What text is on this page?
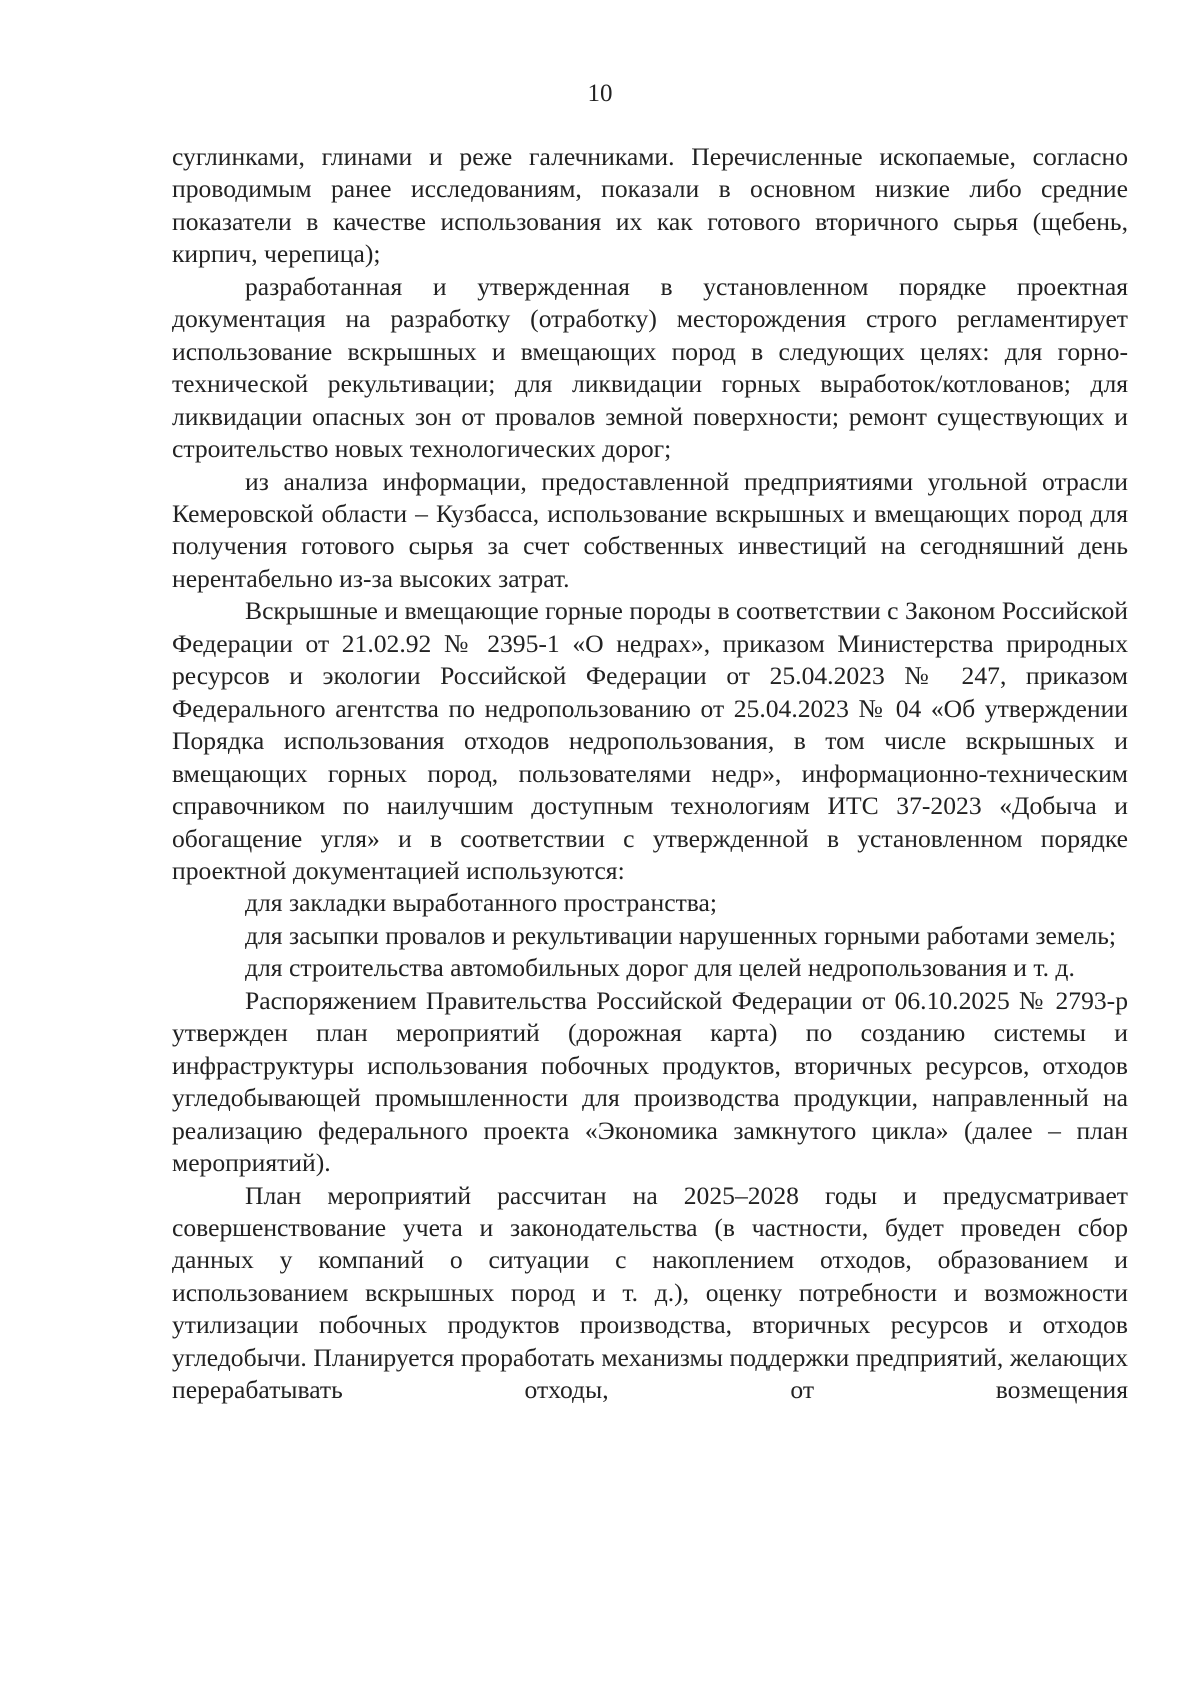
10

суглинками, глинами и реже галечниками. Перечисленные ископаемые, согласно проводимым ранее исследованиям, показали в основном низкие либо средние показатели в качестве использования их как готового вторичного сырья (щебень, кирпич, черепица);

разработанная и утвержденная в установленном порядке проектная документация на разработку (отработку) месторождения строго регламентирует использование вскрышных и вмещающих пород в следующих целях: для горно-технической рекультивации; для ликвидации горных выработок/котлованов; для ликвидации опасных зон от провалов земной поверхности; ремонт существующих и строительство новых технологических дорог;

из анализа информации, предоставленной предприятиями угольной отрасли Кемеровской области – Кузбасса, использование вскрышных и вмещающих пород для получения готового сырья за счет собственных инвестиций на сегодняшний день нерентабельно из-за высоких затрат.

Вскрышные и вмещающие горные породы в соответствии с Законом Российской Федерации от 21.02.92 № 2395-1 «О недрах», приказом Министерства природных ресурсов и экологии Российской Федерации от 25.04.2023 № 247, приказом Федерального агентства по недропользованию от 25.04.2023 № 04 «Об утверждении Порядка использования отходов недропользования, в том числе вскрышных и вмещающих горных пород, пользователями недр», информационно-техническим справочником по наилучшим доступным технологиям ИТС 37-2023 «Добыча и обогащение угля» и в соответствии с утвержденной в установленном порядке проектной документацией используются:

для закладки выработанного пространства;

для засыпки провалов и рекультивации нарушенных горными работами земель;

для строительства автомобильных дорог для целей недропользования и т. д.

Распоряжением Правительства Российской Федерации от 06.10.2025 № 2793-р утвержден план мероприятий (дорожная карта) по созданию системы и инфраструктуры использования побочных продуктов, вторичных ресурсов, отходов угледобывающей промышленности для производства продукции, направленный на реализацию федерального проекта «Экономика замкнутого цикла» (далее – план мероприятий).

План мероприятий рассчитан на 2025–2028 годы и предусматривает совершенствование учета и законодательства (в частности, будет проведен сбор данных у компаний о ситуации с накоплением отходов, образованием и использованием вскрышных пород и т. д.), оценку потребности и возможности утилизации побочных продуктов производства, вторичных ресурсов и отходов угледобычи. Планируется проработать механизмы поддержки предприятий, желающих перерабатывать отходы, от возмещения
